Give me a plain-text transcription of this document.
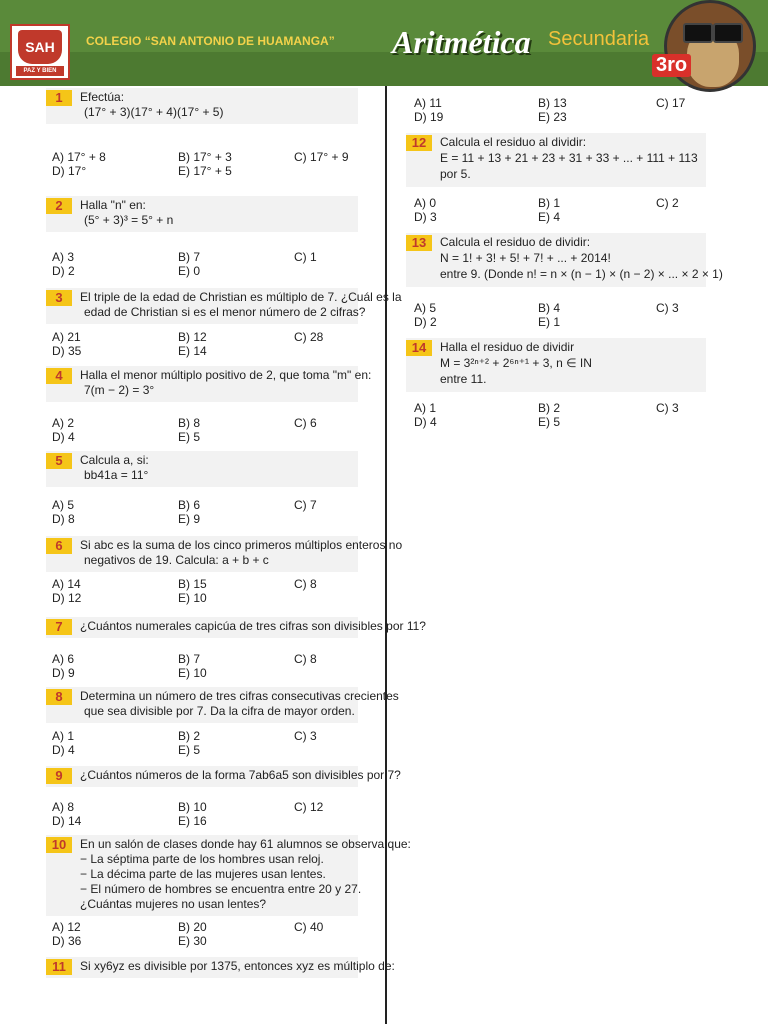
SAH
PAZ Y BIEN
COLEGIO “SAN ANTONIO DE HUAMANGA” Aritmética Secundaria
3ro
1	Efectúa:
(17° + 3)(17° + 4)(17° + 5)
A) 17° + 8	B) 17° + 3	C) 17° + 9
D) 17°	E) 17° + 5
2	Halla "n" en:
(5° + 3)³ = 5° + n
A) 3	B) 7	C) 1
D) 2	E) 0
3	El triple de la edad de Christian es múltiplo de 7. ¿Cuál es la
edad de Christian si es el menor número de 2 cifras?
A) 21	B) 12	C) 28
D) 35	E) 14
4	Halla el menor múltiplo positivo de 2, que toma "m" en:
7(m − 2) = 3°
A) 2	B) 8	C) 6
D) 4	E) 5
5	Calcula a, si:
bb41a = 11°
A) 5	B) 6	C) 7
D) 8	E) 9
6	Si abc es la suma de los cinco primeros múltiplos enteros no
negativos de 19. Calcula: a + b + c
A) 14	B) 15	C) 8
D) 12	E) 10
7	¿Cuántos numerales capicúa de tres cifras son divisibles por 11?
A) 6	B) 7	C) 8
D) 9	E) 10
8	Determina un número de tres cifras consecutivas crecientes
que sea divisible por 7. Da la cifra de mayor orden.
A) 1	B) 2	C) 3
D) 4	E) 5
9	¿Cuántos números de la forma 7ab6a5 son divisibles por 7?
A) 8	B) 10	C) 12
D) 14	E) 16
10	En un salón de clases donde hay 61 alumnos se observa que:
− La séptima parte de los hombres usan reloj.
− La décima parte de las mujeres usan lentes.
− El número de hombres se encuentra entre 20 y 27.
¿Cuántas mujeres no usan lentes?
A) 12	B) 20	C) 40
D) 36	E) 30
11	Si xy6yz es divisible por 1375, entonces xyz es múltiplo de:
A) 11	B) 13	C) 17
D) 19	E) 23
12	Calcula el residuo al dividir:
E = 11 + 13 + 21 + 23 + 31 + 33 + ... + 111 + 113
por 5.
A) 0	B) 1	C) 2
D) 3	E) 4
13	Calcula el residuo de dividir:
N = 1! + 3! + 5! + 7! + ... + 2014!
entre 9. (Donde n! = n × (n − 1) × (n − 2) × ... × 2 × 1)
A) 5	B) 4	C) 3
D) 2	E) 1
14	Halla el residuo de dividir
M = 3²ⁿ⁺² + 2⁶ⁿ⁺¹ + 3, n ∈ IN
entre 11.
A) 1	B) 2	C) 3
D) 4	E) 5
